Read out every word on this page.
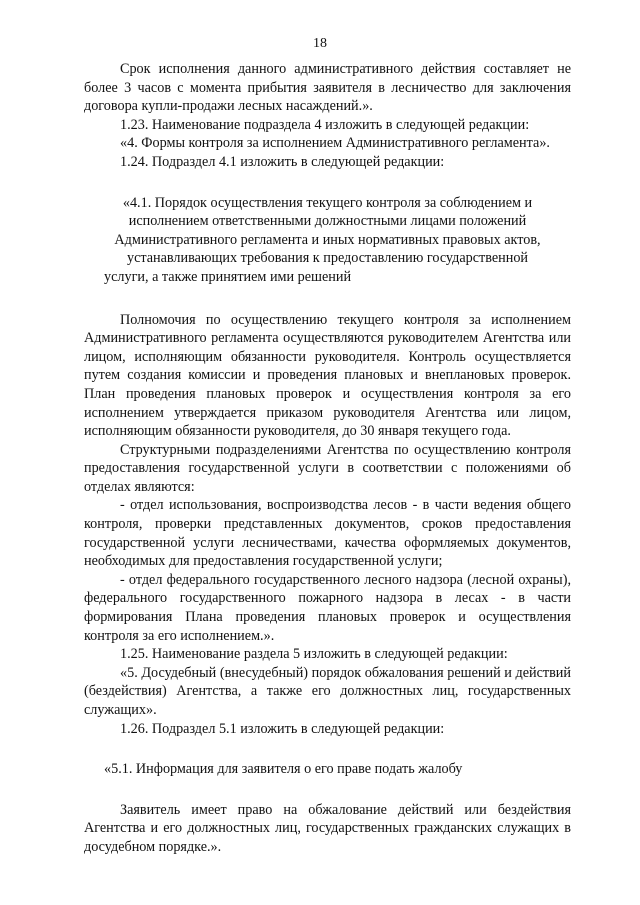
18

Срок исполнения данного административного действия составляет не более 3 часов с момента прибытия заявителя в лесничество для заключения договора купли-продажи лесных насаждений.».

1.23. Наименование подраздела 4 изложить в следующей редакции:

«4. Формы контроля за исполнением Административного регламента».

1.24. Подраздел 4.1 изложить в следующей редакции:

«4.1. Порядок осуществления текущего контроля за соблюдением и исполнением ответственными должностными лицами положений Административного регламента и иных нормативных правовых актов, устанавливающих требования к предоставлению государственной услуги, а также принятием ими решений

Полномочия по осуществлению текущего контроля за исполнением Административного регламента осуществляются руководителем Агентства или лицом, исполняющим обязанности руководителя. Контроль осуществляется путем создания комиссии и проведения плановых и внеплановых проверок. План проведения плановых проверок и осуществления контроля за его исполнением утверждается приказом руководителя Агентства или лицом, исполняющим обязанности руководителя, до 30 января текущего года.

Структурными подразделениями Агентства по осуществлению контроля предоставления государственной услуги в соответствии с положениями об отделах являются:

- отдел использования, воспроизводства лесов - в части ведения общего контроля, проверки представленных документов, сроков предоставления государственной услуги лесничествами, качества оформляемых документов, необходимых для предоставления государственной услуги;

- отдел федерального государственного лесного надзора (лесной охраны), федерального государственного пожарного надзора в лесах - в части формирования Плана проведения плановых проверок и осуществления контроля за его исполнением.».

1.25. Наименование раздела 5 изложить в следующей редакции:

«5. Досудебный (внесудебный) порядок обжалования решений и действий (бездействия) Агентства, а также его должностных лиц, государственных служащих».

1.26. Подраздел 5.1 изложить в следующей редакции:

«5.1. Информация для заявителя о его праве подать жалобу

Заявитель имеет право на обжалование действий или бездействия Агентства и его должностных лиц, государственных гражданских служащих в досудебном порядке.».
